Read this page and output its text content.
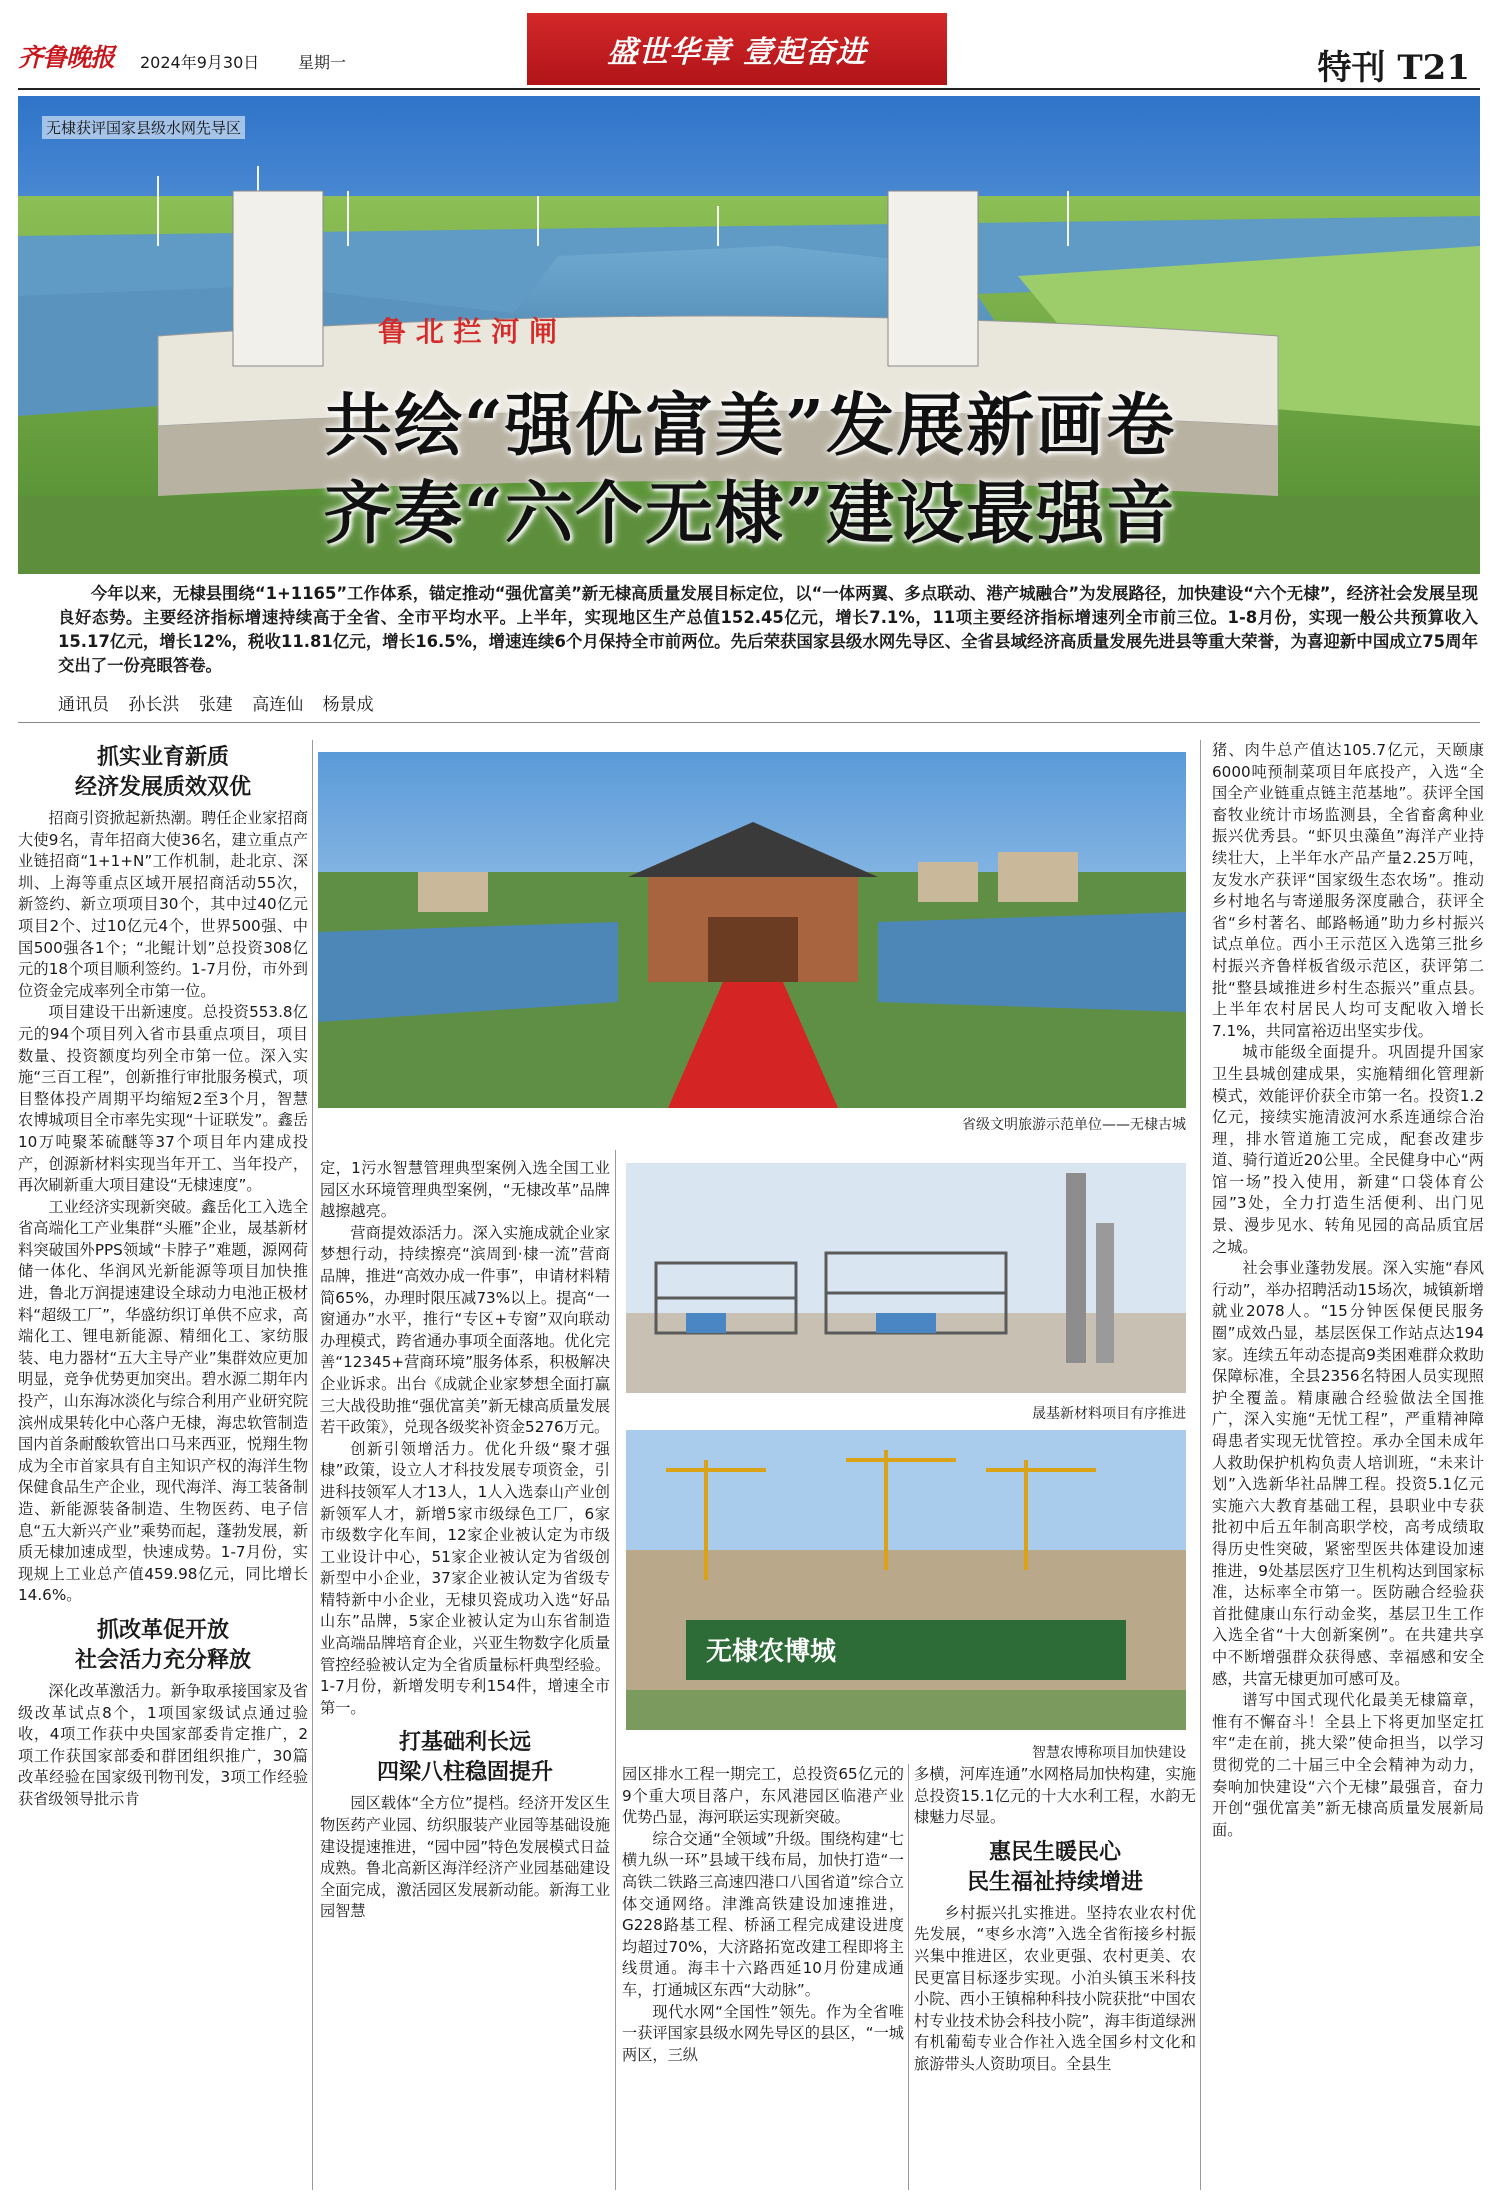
齐鲁晚报	2024年9月30日 星期一	盛世华章 壹起奋进	特刊 T21
鲁 北 拦 河 闸
无棣获评国家县级水网先导区
共绘“强优富美”发展新画卷
齐奏“六个无棣”建设最强音
今年以来，无棣县围绕“1+1165”工作体系，锚定推动“强优富美”新无棣高质量发展目标定位，以“一体两翼、多点联动、港产城融合”为发展路径，加快建设“六个无棣”，经济社会发展呈现良好态势。主要经济指标增速持续高于全省、全市平均水平。上半年，实现地区生产总值152.45亿元，增长7.1%，11项主要经济指标增速列全市前三位。1-8月份，实现一般公共预算收入15.17亿元，增长12%，税收11.81亿元，增长16.5%，增速连续6个月保持全市前两位。先后荣获国家县级水网先导区、全省县域经济高质量发展先进县等重大荣誉，为喜迎新中国成立75周年交出了一份亮眼答卷。
通讯员 孙长洪 张建 高连仙 杨景成
抓实业育新质
经济发展质效双优

招商引资掀起新热潮。聘任企业家招商大使9名，青年招商大使36名，建立重点产业链招商“1+1+N”工作机制，赴北京、深圳、上海等重点区域开展招商活动55次，新签约、新立项项目30个，其中过40亿元项目2个、过10亿元4个，世界500强、中国500强各1个；“北鲲计划”总投资308亿元的18个项目顺利签约。1-7月份，市外到位资金完成率列全市第一位。

项目建设干出新速度。总投资553.8亿元的94个项目列入省市县重点项目，项目数量、投资额度均列全市第一位。深入实施“三百工程”，创新推行审批服务模式，项目整体投产周期平均缩短2至3个月，智慧农博城项目全市率先实现“十证联发”。鑫岳10万吨聚苯硫醚等37个项目年内建成投产，创源新材料实现当年开工、当年投产，再次刷新重大项目建设“无棣速度”。

工业经济实现新突破。鑫岳化工入选全省高端化工产业集群“头雁”企业，晟基新材料突破国外PPS领域“卡脖子”难题，源网荷储一体化、华润风光新能源等项目加快推进，鲁北万润提速建设全球动力电池正极材料“超级工厂”，华盛纺织订单供不应求，高端化工、锂电新能源、精细化工、家纺服装、电力器材“五大主导产业”集群效应更加明显，竞争优势更加突出。碧水源二期年内投产，山东海冰淡化与综合利用产业研究院滨州成果转化中心落户无棣，海忠软管制造国内首条耐酸软管出口马来西亚，悦翔生物成为全市首家具有自主知识产权的海洋生物保健食品生产企业，现代海洋、海工装备制造、新能源装备制造、生物医药、电子信息“五大新兴产业”乘势而起，蓬勃发展，新质无棣加速成型，快速成势。1-7月份，实现规上工业总产值459.98亿元，同比增长14.6%。

抓改革促开放
社会活力充分释放

深化改革激活力。新争取承接国家及省级改革试点8个，1项国家级试点通过验收，4项工作获中央国家部委肯定推广，2项工作获国家部委和群团组织推广，30篇改革经验在国家级刊物刊发，3项工作经验获省级领导批示肯

省级文明旅游示范单位——无棣古城

定，1污水智慧管理典型案例入选全国工业园区水环境管理典型案例，“无棣改革”品牌越擦越亮。

营商提效添活力。深入实施成就企业家梦想行动，持续擦亮“滨周到·棣一流”营商品牌，推进“高效办成一件事”，申请材料精简65%，办理时限压减73%以上。提高“一窗通办”水平，推行“专区+专窗”双向联动办理模式，跨省通办事项全面落地。优化完善“12345+营商环境”服务体系，积极解决企业诉求。出台《成就企业家梦想全面打赢三大战役助推“强优富美”新无棣高质量发展若干政策》，兑现各级奖补资金5276万元。

创新引领增活力。优化升级“聚才强棣”政策，设立人才科技发展专项资金，引进科技领军人才13人，1人入选泰山产业创新领军人才，新增5家市级绿色工厂，6家市级数字化车间，12家企业被认定为市级工业设计中心，51家企业被认定为省级创新型中小企业，37家企业被认定为省级专精特新中小企业，无棣贝瓷成功入选“好品山东”品牌，5家企业被认定为山东省制造业高端品牌培育企业，兴亚生物数字化质量管控经验被认定为全省质量标杆典型经验。1-7月份，新增发明专利154件，增速全市第一。

打基础利长远
四梁八柱稳固提升

园区载体“全方位”提档。经济开发区生物医药产业园、纺织服装产业园等基础设施建设提速推进，“园中园”特色发展模式日益成熟。鲁北高新区海洋经济产业园基础建设全面完成，激活园区发展新动能。新海工业园智慧

晟基新材料项目有序推进
无棣农博城
智慧农博称项目加快建设

园区排水工程一期完工，总投资65亿元的9个重大项目落户，东风港园区临港产业优势凸显，海河联运实现新突破。

综合交通“全领域”升级。围绕构建“七横九纵一环”县域干线布局，加快打造“一高铁二铁路三高速四港口八国省道”综合立体交通网络。津潍高铁建设加速推进，G228路基工程、桥涵工程完成建设进度均超过70%，大济路拓宽改建工程即将主线贯通。海丰十六路西延10月份建成通车，打通城区东西“大动脉”。

现代水网“全国性”领先。作为全省唯一获评国家县级水网先导区的县区，“一城两区，三纵

多横，河库连通”水网格局加快构建，实施总投资15.1亿元的十大水利工程，水韵无棣魅力尽显。

惠民生暖民心
民生福祉持续增进

乡村振兴扎实推进。坚持农业农村优先发展，“枣乡水湾”入选全省衔接乡村振兴集中推进区，农业更强、农村更美、农民更富目标逐步实现。小泊头镇玉米科技小院、西小王镇棉种科技小院获批“中国农村专业技术协会科技小院”，海丰街道绿洲有机葡萄专业合作社入选全国乡村文化和旅游带头人资助项目。全县生

猪、肉牛总产值达105.7亿元，天颐康6000吨预制菜项目年底投产，入选“全国全产业链重点链主范基地”。获评全国畜牧业统计市场监测县，全省畜禽种业振兴优秀县。“虾贝虫藻鱼”海洋产业持续壮大，上半年水产品产量2.25万吨，友发水产获评“国家级生态农场”。推动乡村地名与寄递服务深度融合，获评全省“乡村著名、邮路畅通”助力乡村振兴试点单位。西小王示范区入选第三批乡村振兴齐鲁样板省级示范区，获评第二批“整县域推进乡村生态振兴”重点县。上半年农村居民人均可支配收入增长7.1%，共同富裕迈出坚实步伐。

城市能级全面提升。巩固提升国家卫生县城创建成果，实施精细化管理新模式，效能评价获全市第一名。投资1.2亿元，接续实施清波河水系连通综合治理，排水管道施工完成，配套改建步道、骑行道近20公里。全民健身中心“两馆一场”投入使用，新建“口袋体育公园”3处，全力打造生活便利、出门见景、漫步见水、转角见园的高品质宜居之城。

社会事业蓬勃发展。深入实施“春风行动”，举办招聘活动15场次，城镇新增就业2078人。“15分钟医保便民服务圈”成效凸显，基层医保工作站点达194家。连续五年动态提高9类困难群众救助保障标准，全县2356名特困人员实现照护全覆盖。精康融合经验做法全国推广，深入实施“无忧工程”，严重精神障碍患者实现无忧管控。承办全国未成年人救助保护机构负责人培训班，“未来计划”入选新华社品牌工程。投资5.1亿元实施六大教育基础工程，县职业中专获批初中后五年制高职学校，高考成绩取得历史性突破，紧密型医共体建设加速推进，9处基层医疗卫生机构达到国家标准，达标率全市第一。医防融合经验获首批健康山东行动金奖，基层卫生工作入选全省“十大创新案例”。在共建共享中不断增强群众获得感、幸福感和安全感，共富无棣更加可感可及。

谱写中国式现代化最美无棣篇章，惟有不懈奋斗！全县上下将更加坚定扛牢“走在前，挑大梁”使命担当，以学习贯彻党的二十届三中全会精神为动力，奏响加快建设“六个无棣”最强音，奋力开创“强优富美”新无棣高质量发展新局面。
